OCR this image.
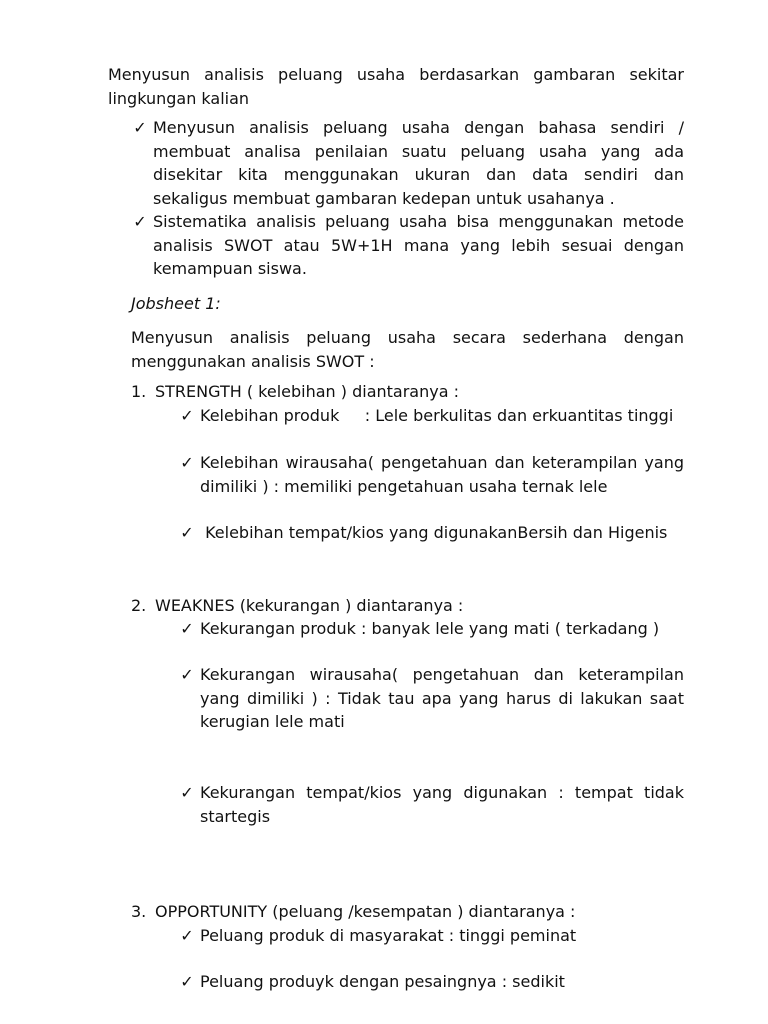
Menyusun analisis peluang usaha berdasarkan gambaran sekitar lingkungan kalian
✓ Menyusun analisis peluang usaha dengan bahasa sendiri / membuat analisa penilaian suatu peluang usaha yang ada disekitar kita menggunakan ukuran dan data sendiri dan sekaligus membuat gambaran kedepan untuk usahanya .
✓ Sistematika analisis peluang usaha bisa menggunakan metode analisis SWOT atau 5W+1H mana yang lebih sesuai dengan kemampuan siswa.
Jobsheet 1:
Menyusun analisis peluang usaha secara sederhana dengan menggunakan analisis SWOT :
1. STRENGTH ( kelebihan ) diantaranya :
✓ Kelebihan produk     : Lele berkulitas dan erkuantitas tinggi
✓ Kelebihan wirausaha( pengetahuan dan keterampilan yang dimiliki ) : memiliki pengetahuan usaha ternak lele
✓ Kelebihan tempat/kios yang digunakanBersih dan Higenis
2. WEAKNES (kekurangan ) diantaranya :
✓ Kekurangan produk : banyak lele yang mati ( terkadang )
✓ Kekurangan wirausaha( pengetahuan dan keterampilan yang dimiliki ) : Tidak tau apa yang harus di lakukan saat kerugian lele mati
✓ Kekurangan tempat/kios yang digunakan : tempat tidak startegis
3. OPPORTUNITY (peluang /kesempatan ) diantaranya :
✓ Peluang produk di masyarakat : tinggi peminat
✓ Peluang produyk dengan pesaingnya : sedikit
